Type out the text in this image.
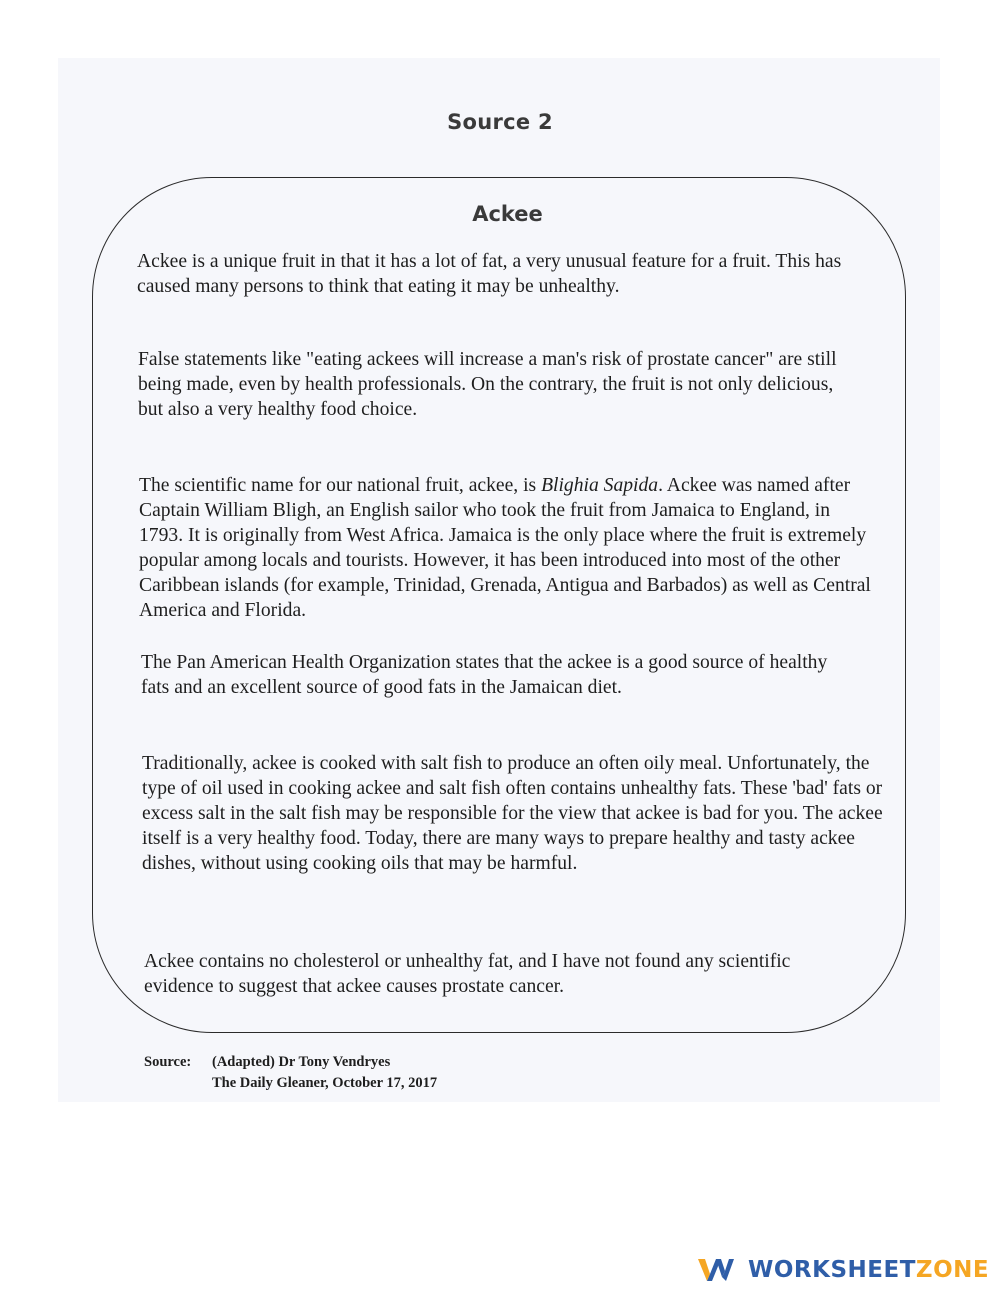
Source 2
Ackee

Ackee is a unique fruit in that it has a lot of fat, a very unusual feature for a fruit. This has caused many persons to think that eating it may be unhealthy.

False statements like "eating ackees will increase a man's risk of prostate cancer" are still being made, even by health professionals. On the contrary, the fruit is not only delicious, but also a very healthy food choice.

The scientific name for our national fruit, ackee, is Blighia Sapida. Ackee was named after Captain William Bligh, an English sailor who took the fruit from Jamaica to England, in 1793. It is originally from West Africa. Jamaica is the only place where the fruit is extremely popular among locals and tourists. However, it has been introduced into most of the other Caribbean islands (for example, Trinidad, Grenada, Antigua and Barbados) as well as Central America and Florida.

The Pan American Health Organization states that the ackee is a good source of healthy fats and an excellent source of good fats in the Jamaican diet.

Traditionally, ackee is cooked with salt fish to produce an often oily meal. Unfortunately, the type of oil used in cooking ackee and salt fish often contains unhealthy fats. These 'bad' fats or excess salt in the salt fish may be responsible for the view that ackee is bad for you. The ackee itself is a very healthy food. Today, there are many ways to prepare healthy and tasty ackee dishes, without using cooking oils that may be harmful.

Ackee contains no cholesterol or unhealthy fat, and I have not found any scientific evidence to suggest that ackee causes prostate cancer.

Source: (Adapted) Dr Tony Vendryes
The Daily Gleaner, October 17, 2017
WORKSHEETZONE
